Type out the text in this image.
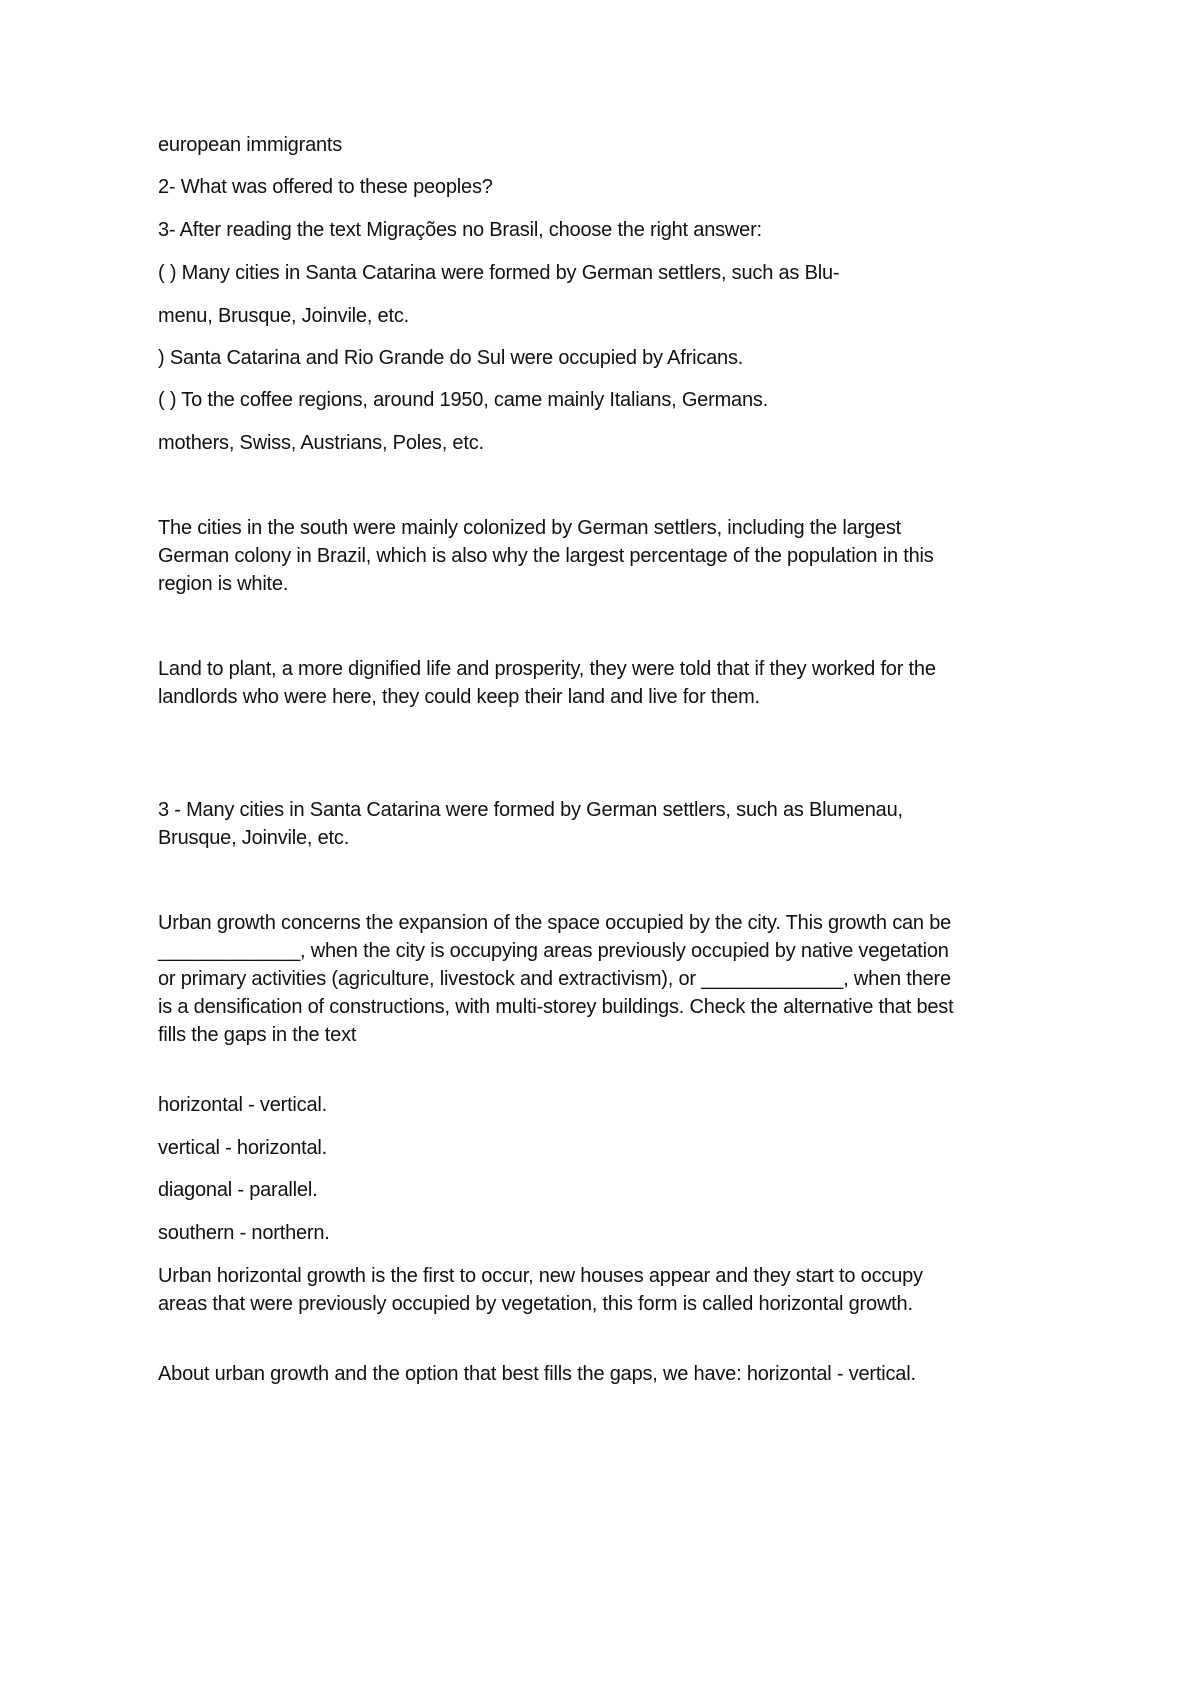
european immigrants

2- What was offered to these peoples?

3- After reading the text Migrações no Brasil, choose the right answer:

( ) Many cities in Santa Catarina were formed by German settlers, such as Blu-

menu, Brusque, Joinvile, etc.

) Santa Catarina and Rio Grande do Sul were occupied by Africans.

( ) To the coffee regions, around 1950, came mainly Italians, Germans.

mothers, Swiss, Austrians, Poles, etc.

The cities in the south were mainly colonized by German settlers, including the largest German colony in Brazil, which is also why the largest percentage of the population in this region is white.

Land to plant, a more dignified life and prosperity, they were told that if they worked for the landlords who were here, they could keep their land and live for them.

3 - Many cities in Santa Catarina were formed by German settlers, such as Blumenau, Brusque, Joinvile, etc.

Urban growth concerns the expansion of the space occupied by the city. This growth can be _____________, when the city is occupying areas previously occupied by native vegetation or primary activities (agriculture, livestock and extractivism), or _____________, when there is a densification of constructions, with multi-storey buildings. Check the alternative that best fills the gaps in the text

horizontal - vertical.

vertical - horizontal.

diagonal - parallel.

southern - northern.

Urban horizontal growth is the first to occur, new houses appear and they start to occupy areas that were previously occupied by vegetation, this form is called horizontal growth.

About urban growth and the option that best fills the gaps, we have: horizontal - vertical.
